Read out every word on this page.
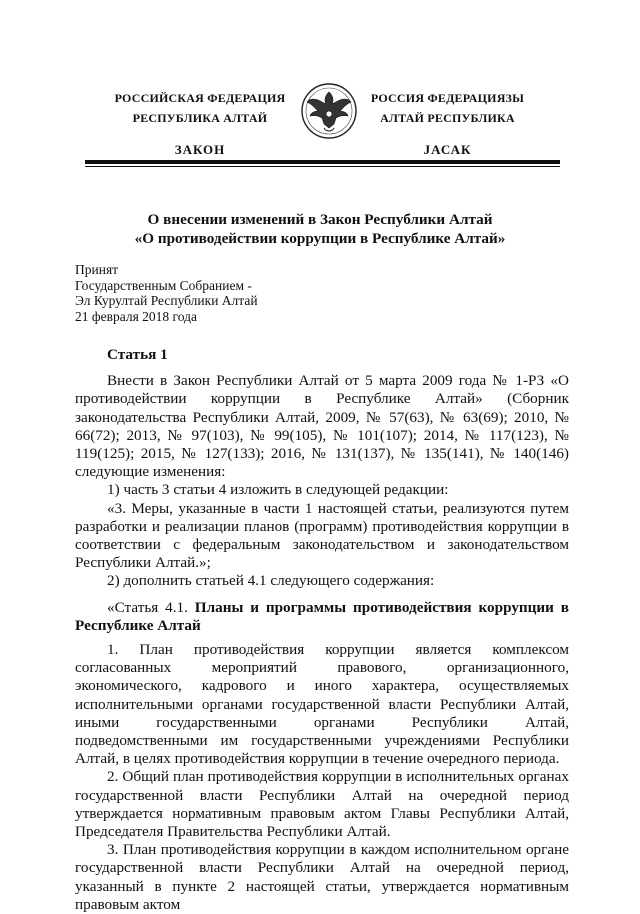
РОССИЙСКАЯ ФЕДЕРАЦИЯ
РЕСПУБЛИКА АЛТАЙ
ЗАКОН
РОССИЯ ФЕДЕРАЦИЯЗЫ
АЛТАЙ РЕСПУБЛИКА
JАСАК
О внесении изменений в Закон Республики Алтай
«О противодействии коррупции в Республике Алтай»
Принят
Государственным Собранием -
Эл Курултай Республики Алтай
21 февраля 2018 года
Статья 1

Внести в Закон Республики Алтай от 5 марта 2009 года № 1-РЗ «О противодействии коррупции в Республике Алтай» (Сборник законодательства Республики Алтай, 2009, № 57(63), № 63(69); 2010, № 66(72); 2013, № 97(103), № 99(105), № 101(107); 2014, № 117(123), № 119(125); 2015, № 127(133); 2016, № 131(137), № 135(141), № 140(146) следующие изменения:

1) часть 3 статьи 4 изложить в следующей редакции:

«3. Меры, указанные в части 1 настоящей статьи, реализуются путем разработки и реализации планов (программ) противодействия коррупции в соответствии с федеральным законодательством и законодательством Республики Алтай.»;

2) дополнить статьей 4.1 следующего содержания:

«Статья 4.1. Планы и программы противодействия коррупции в Республике Алтай

1. План противодействия коррупции является комплексом согласованных мероприятий правового, организационного, экономического, кадрового и иного характера, осуществляемых исполнительными органами государственной власти Республики Алтай, иными государственными органами Республики Алтай, подведомственными им государственными учреждениями Республики Алтай, в целях противодействия коррупции в течение очередного периода.

2. Общий план противодействия коррупции в исполнительных органах государственной власти Республики Алтай на очередной период утверждается нормативным правовым актом Главы Республики Алтай, Председателя Правительства Республики Алтай.

3. План противодействия коррупции в каждом исполнительном органе государственной власти Республики Алтай на очередной период, указанный в пункте 2 настоящей статьи, утверждается нормативным правовым актом
